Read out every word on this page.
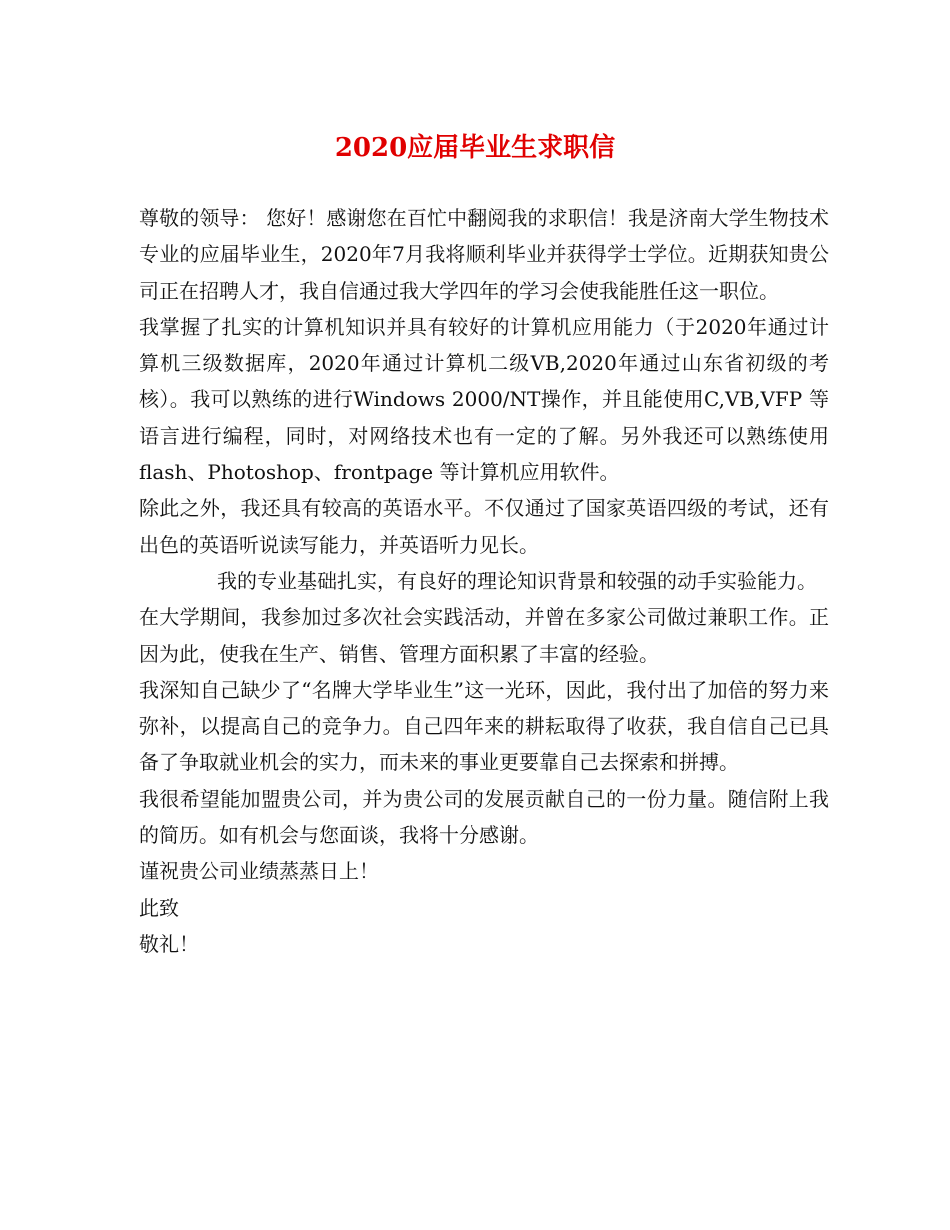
2020应届毕业生求职信

尊敬的领导： 您好！感谢您在百忙中翻阅我的求职信！我是济南大学生物技术专业的应届毕业生，2020年7月我将顺利毕业并获得学士学位。近期获知贵公司正在招聘人才，我自信通过我大学四年的学习会使我能胜任这一职位。

我掌握了扎实的计算机知识并具有较好的计算机应用能力（于2020年通过计算机三级数据库，2020年通过计算机二级VB,2020年通过山东省初级的考核）。我可以熟练的进行Windows 2000/NT操作，并且能使用C,VB,VFP 等语言进行编程，同时，对网络技术也有一定的了解。另外我还可以熟练使用flash、Photoshop、frontpage 等计算机应用软件。

除此之外，我还具有较高的英语水平。不仅通过了国家英语四级的考试，还有出色的英语听说读写能力，并英语听力见长。

我的专业基础扎实，有良好的理论知识背景和较强的动手实验能力。

在大学期间，我参加过多次社会实践活动，并曾在多家公司做过兼职工作。正因为此，使我在生产、销售、管理方面积累了丰富的经验。

我深知自己缺少了“名牌大学毕业生”这一光环，因此，我付出了加倍的努力来弥补，以提高自己的竞争力。自己四年来的耕耘取得了收获，我自信自己已具备了争取就业机会的实力，而未来的事业更要靠自己去探索和拼搏。

我很希望能加盟贵公司，并为贵公司的发展贡献自己的一份力量。随信附上我的简历。如有机会与您面谈，我将十分感谢。

谨祝贵公司业绩蒸蒸日上！

此致

敬礼！
